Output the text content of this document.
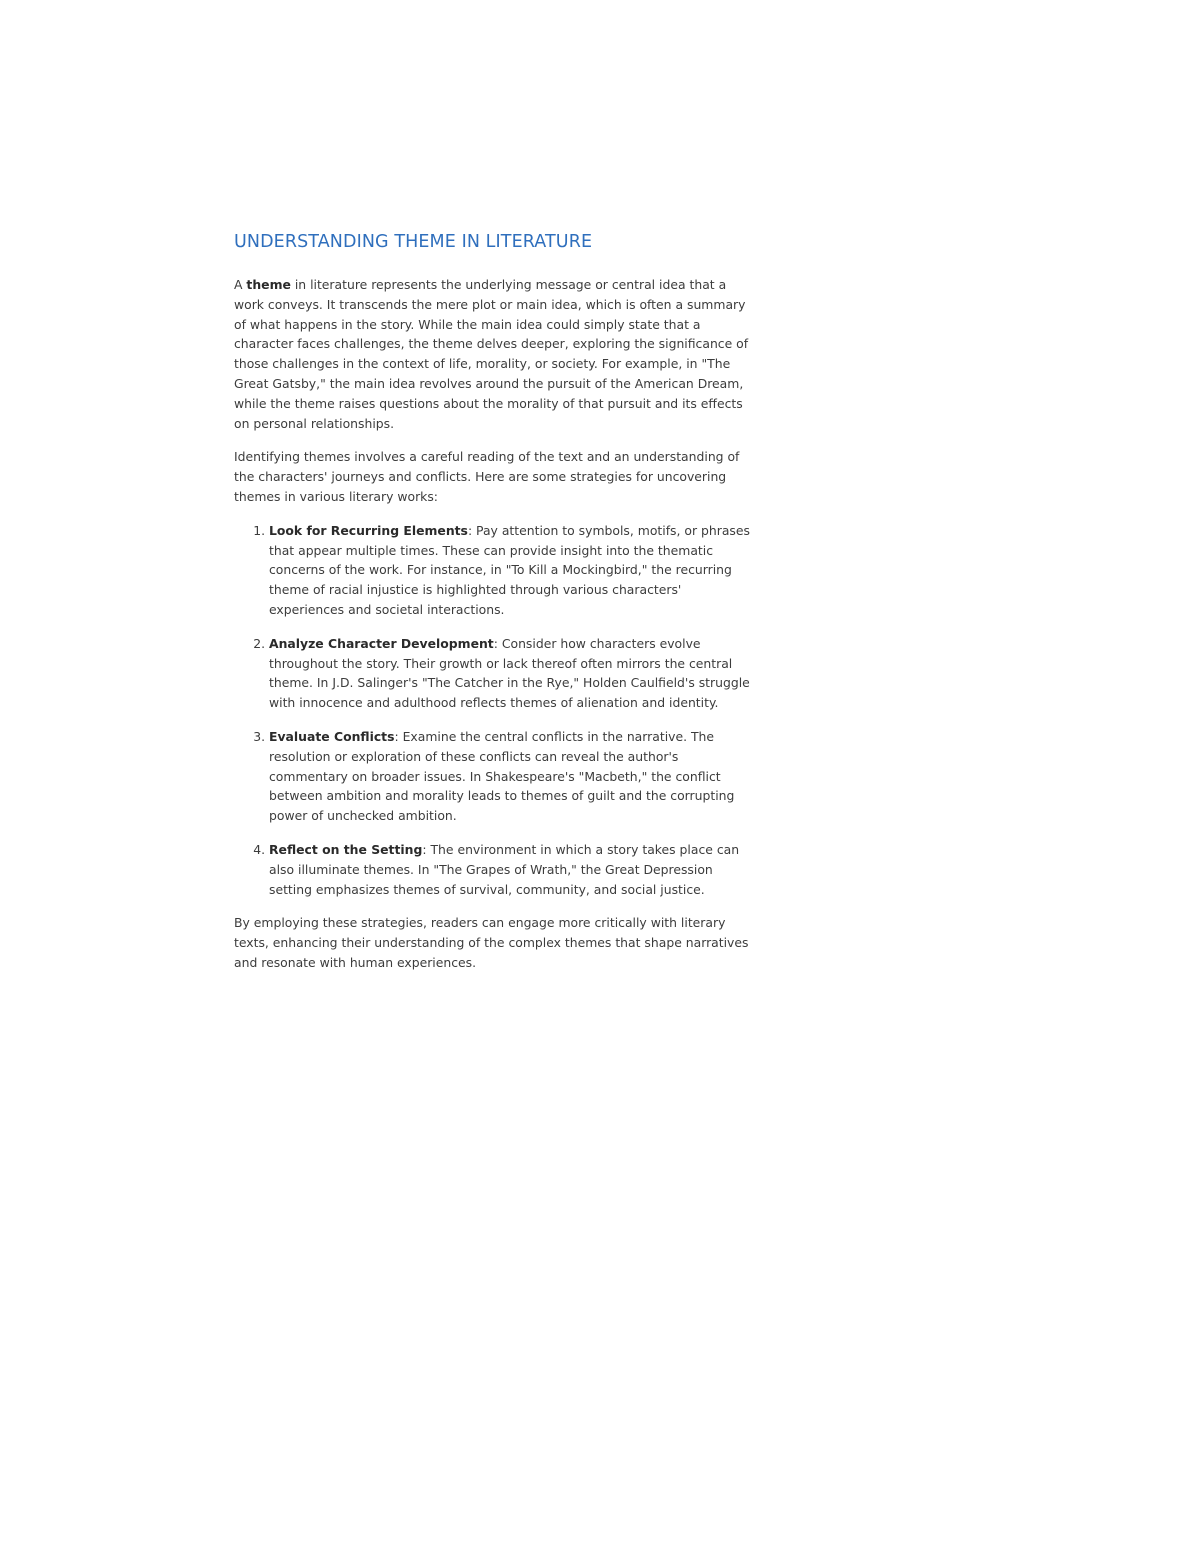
UNDERSTANDING THEME IN LITERATURE

A theme in literature represents the underlying message or central idea that a work conveys. It transcends the mere plot or main idea, which is often a summary of what happens in the story. While the main idea could simply state that a character faces challenges, the theme delves deeper, exploring the significance of those challenges in the context of life, morality, or society. For example, in "The Great Gatsby," the main idea revolves around the pursuit of the American Dream, while the theme raises questions about the morality of that pursuit and its effects on personal relationships.

Identifying themes involves a careful reading of the text and an understanding of the characters' journeys and conflicts. Here are some strategies for uncovering themes in various literary works:

1. Look for Recurring Elements: Pay attention to symbols, motifs, or phrases that appear multiple times. These can provide insight into the thematic concerns of the work. For instance, in "To Kill a Mockingbird," the recurring theme of racial injustice is highlighted through various characters' experiences and societal interactions.
2. Analyze Character Development: Consider how characters evolve throughout the story. Their growth or lack thereof often mirrors the central theme. In J.D. Salinger's "The Catcher in the Rye," Holden Caulfield's struggle with innocence and adulthood reflects themes of alienation and identity.
3. Evaluate Conflicts: Examine the central conflicts in the narrative. The resolution or exploration of these conflicts can reveal the author's commentary on broader issues. In Shakespeare's "Macbeth," the conflict between ambition and morality leads to themes of guilt and the corrupting power of unchecked ambition.
4. Reflect on the Setting: The environment in which a story takes place can also illuminate themes. In "The Grapes of Wrath," the Great Depression setting emphasizes themes of survival, community, and social justice.

By employing these strategies, readers can engage more critically with literary texts, enhancing their understanding of the complex themes that shape narratives and resonate with human experiences.
